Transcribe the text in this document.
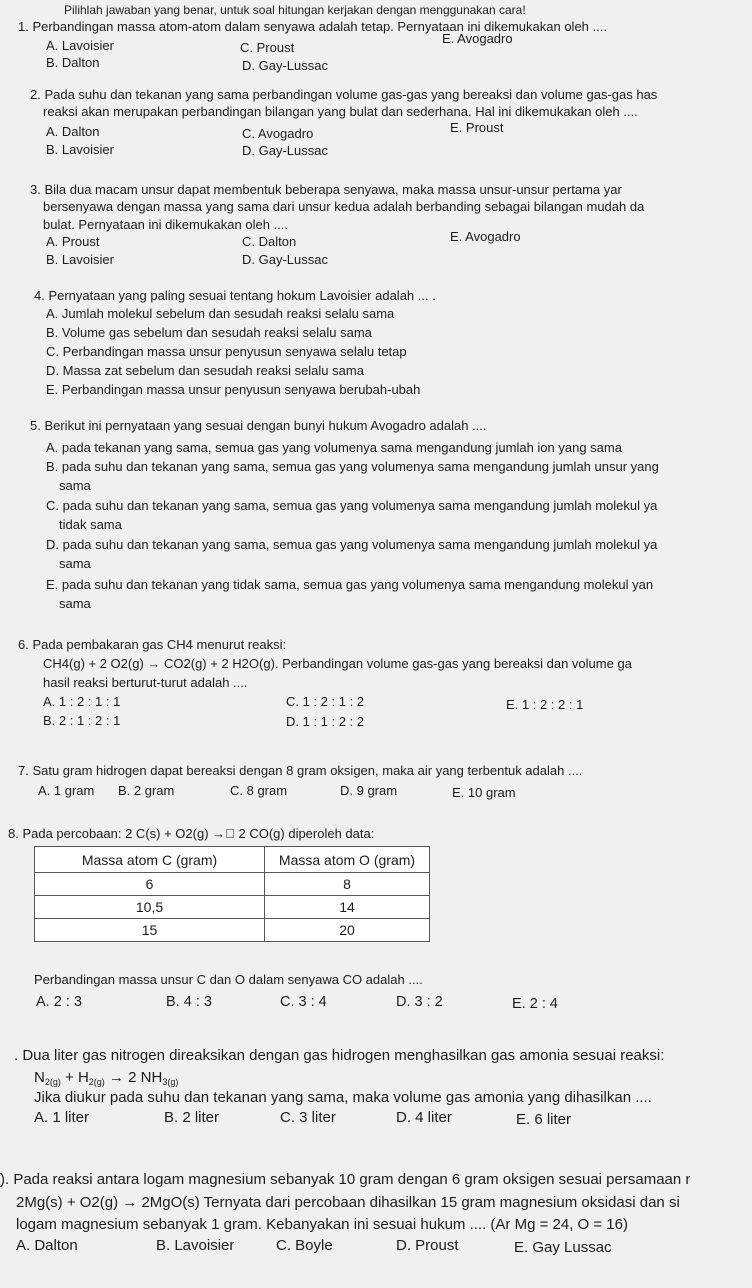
Pilihlah jawaban yang benar, untuk soal hitungan kerjakan dengan menggunakan cara!
1. Perbandingan massa atom-atom dalam senyawa adalah tetap. Pernyataan ini dikemukakan oleh ....
A. Lavoisier	C. Proust
E. Avogadro
B. Dalton	D. Gay-Lussac
2. Pada suhu dan tekanan yang sama perbandingan volume gas-gas yang bereaksi dan volume gas-gas has
reaksi akan merupakan perbandingan bilangan yang bulat dan sederhana. Hal ini dikemukakan oleh ....
A. Dalton	C. Avogadro	E. Proust
B. Lavoisier	D. Gay-Lussac
3. Bila dua macam unsur dapat membentuk beberapa senyawa, maka massa unsur-unsur pertama yar
bersenyawa dengan massa yang sama dari unsur kedua adalah berbanding sebagai bilangan mudah da
bulat. Pernyataan ini dikemukakan oleh ....
A. Proust	C. Dalton	E. Avogadro
B. Lavoisier	D. Gay-Lussac
4. Pernyataan yang paling sesuai tentang hokum Lavoisier adalah ... .
A. Jumlah molekul sebelum dan sesudah reaksi selalu sama
B. Volume gas sebelum dan sesudah reaksi selalu sama
C. Perbandingan massa unsur penyusun senyawa selalu tetap
D. Massa zat sebelum dan sesudah reaksi selalu sama
E. Perbandingan massa unsur penyusun senyawa berubah-ubah
5. Berikut ini pernyataan yang sesuai dengan bunyi hukum Avogadro adalah ....
A. pada tekanan yang sama, semua gas yang volumenya sama mengandung jumlah ion yang sama
B. pada suhu dan tekanan yang sama, semua gas yang volumenya sama mengandung jumlah unsur yang
sama
C. pada suhu dan tekanan yang sama, semua gas yang volumenya sama mengandung jumlah molekul ya
tidak sama
D. pada suhu dan tekanan yang sama, semua gas yang volumenya sama mengandung jumlah molekul ya
sama
E. pada suhu dan tekanan yang tidak sama, semua gas yang volumenya sama mengandung molekul yan
sama
6. Pada pembakaran gas CH4 menurut reaksi:
CH4(g) + 2 O2(g) → CO2(g) + 2 H2O(g). Perbandingan volume gas-gas yang bereaksi dan volume ga
hasil reaksi berturut-turut adalah ....
A. 1 : 2 : 1 : 1	C. 1 : 2 : 1 : 2	E. 1 : 2 : 2 : 1
B. 2 : 1 : 2 : 1	D. 1 : 1 : 2 : 2
7. Satu gram hidrogen dapat bereaksi dengan 8 gram oksigen, maka air yang terbentuk adalah ....
A. 1 gram B. 2 gram	C. 8 gram	D. 9 gram	E. 10 gram
8. Pada percobaan: 2 C(s) + O2(g) →⃞ 2 CO(g) diperoleh data:
Massa atom C (gram)	Massa atom O (gram)
6	8
10,5	14
15	20
Perbandingan massa unsur C dan O dalam senyawa CO adalah ....
A. 2 : 3	B. 4 : 3	C. 3 : 4	D. 3 : 2	E. 2 : 4
. Dua liter gas nitrogen direaksikan dengan gas hidrogen menghasilkan gas amonia sesuai reaksi:
$N_{2(g)} + H_{2(g)} \to 2$ $NH_{3(g)}$
Jika diukur pada suhu dan tekanan yang sama, maka volume gas amonia yang dihasilkan ....
A. 1 liter	B. 2 liter	C. 3 liter	D. 4 liter	E. 6 liter
). Pada reaksi antara logam magnesium sebanyak 10 gram dengan 6 gram oksigen sesuai persamaan r
2Mg(s) + O2(g) → 2MgO(s) Ternyata dari percobaan dihasilkan 15 gram magnesium oksidasi dan si
logam magnesium sebanyak 1 gram. Kebanyakan ini sesuai hukum .... (Ar Mg = 24, O = 16)
A. Dalton	B. Lavoisier	C. Boyle	D. Proust	E. Gay Lussac
